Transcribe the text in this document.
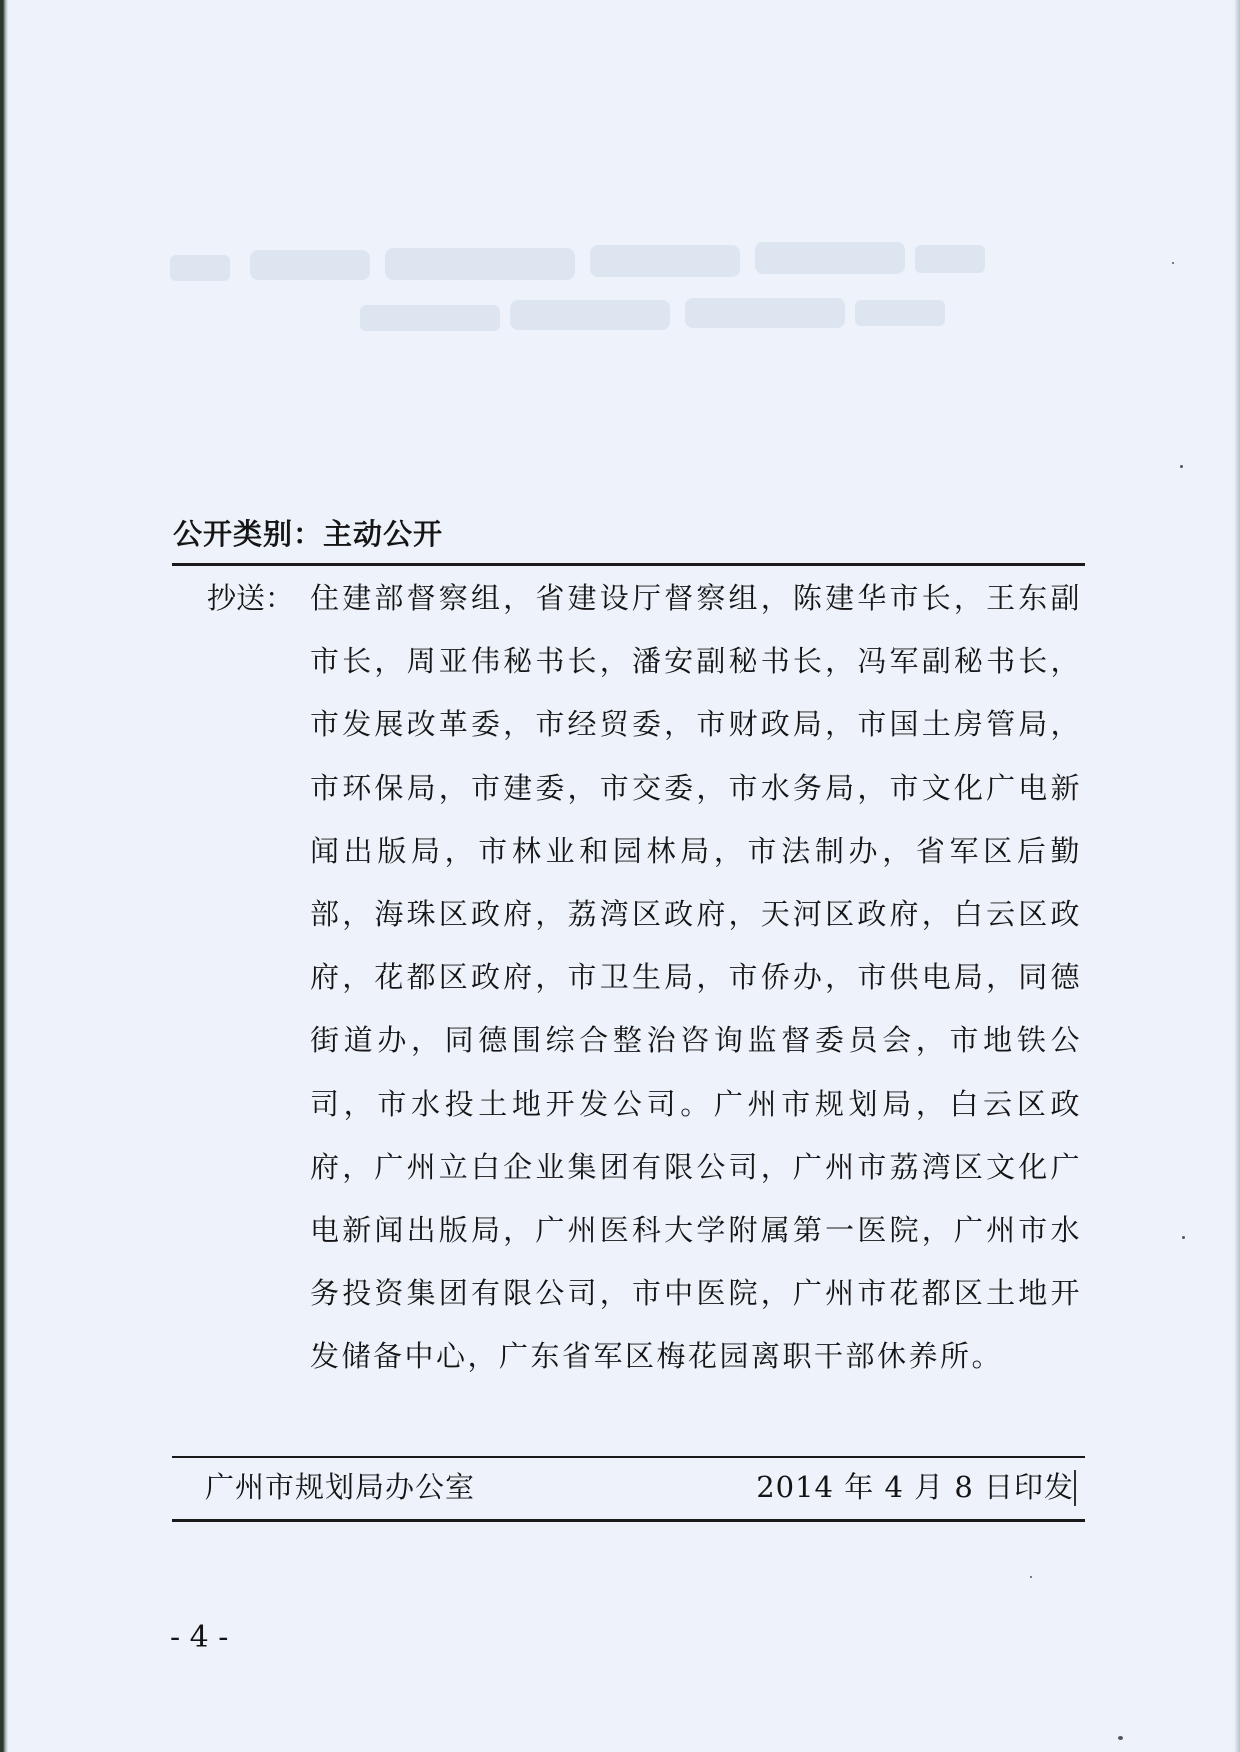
公开类别：主动公开
抄送： 住建部督察组，省建设厅督察组，陈建华市长，王东副市长，周亚伟秘书长，潘安副秘书长，冯军副秘书长，市发展改革委，市经贸委，市财政局，市国土房管局，市环保局，市建委，市交委，市水务局，市文化广电新闻出版局，市林业和园林局，市法制办，省军区后勤部，海珠区政府，荔湾区政府，天河区政府，白云区政府，花都区政府，市卫生局，市侨办，市供电局，同德街道办，同德围综合整治咨询监督委员会，市地铁公司，市水投土地开发公司。广州市规划局，白云区政府，广州立白企业集团有限公司，广州市荔湾区文化广电新闻出版局，广州医科大学附属第一医院，广州市水务投资集团有限公司，市中医院，广州市花都区土地开发储备中心，广东省军区梅花园离职干部休养所。

广州市规划局办公室	2014 年 4 月 8 日印发
- 4 -
